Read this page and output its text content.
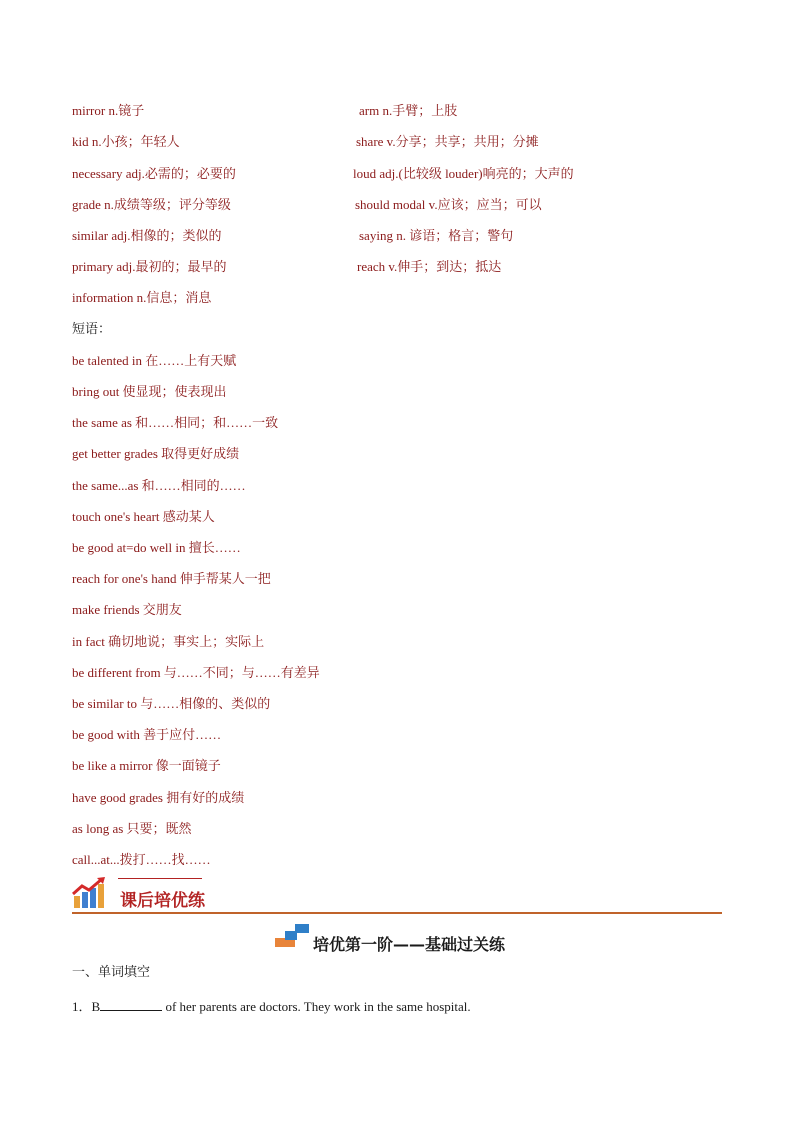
mirror n.镜子
kid n.小孩；年轻人
necessary adj.必需的；必要的
grade n.成绩等级；评分等级
similar adj.相像的；类似的
primary adj.最初的；最早的
information n.信息；消息
arm n.手臂；上肢
share v.分享；共享；共用；分摊
loud adj.(比较级 louder)响亮的；大声的
should modal v.应该；应当；可以
saying n. 谚语；格言；警句
reach v.伸手；到达；抵达
短语：
be talented in 在……上有天赋
bring out 使显现；使表现出
the same as 和……相同；和……一致
get better grades 取得更好成绩
the same...as 和……相同的……
touch one's heart 感动某人
be good at=do well in 擅长……
reach for one's hand 伸手帮某人一把
make friends 交朋友
in fact 确切地说；事实上；实际上
be different from 与……不同；与……有差异
be similar to 与……相像的、类似的
be good with 善于应付……
be like a mirror 像一面镜子
have good grades 拥有好的成绩
as long as 只要；既然
call...at...拨打……找……
课后培优练
培优第一阶——基础过关练
一、单词填空
1．B	of her parents are doctors. They work in the same hospital.
